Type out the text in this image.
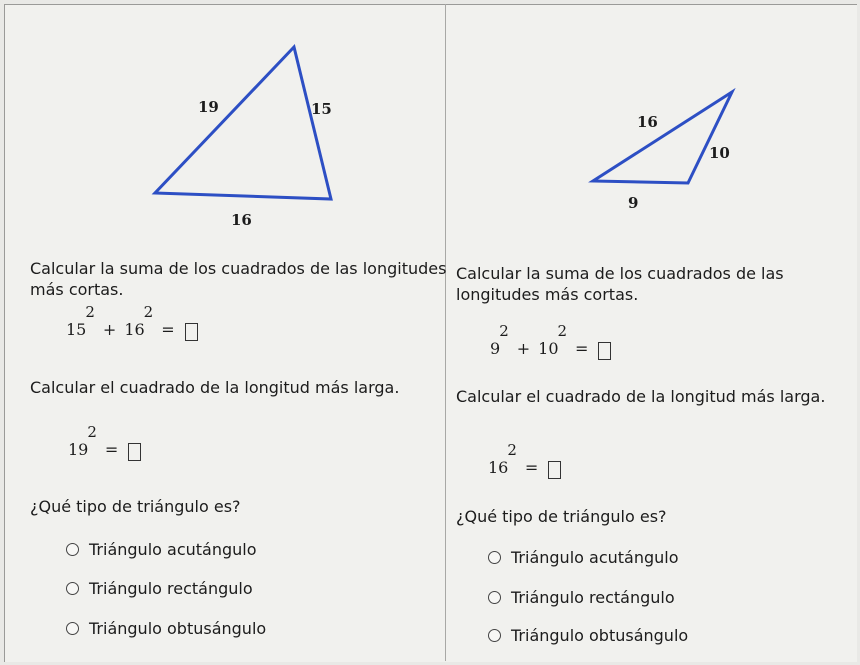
19	15
16
Calcular la suma de los cuadrados de las longitudes más cortas.
15
$^2$
+ 16
$^2$
=
Calcular el cuadrado de la longitud más larga.
19
$^2$
=
¿Qué tipo de triángulo es?
Triángulo acutángulo
Triángulo rectángulo
Triángulo obtusángulo
16
10
9
Calcular la suma de los cuadrados de las longitudes más cortas.
9
$^2$
+ 10
$^2$
=
Calcular el cuadrado de la longitud más larga.
16
$^2$
=
¿Qué tipo de triángulo es?
Triángulo acutángulo
Triángulo rectángulo
Triángulo obtusángulo
